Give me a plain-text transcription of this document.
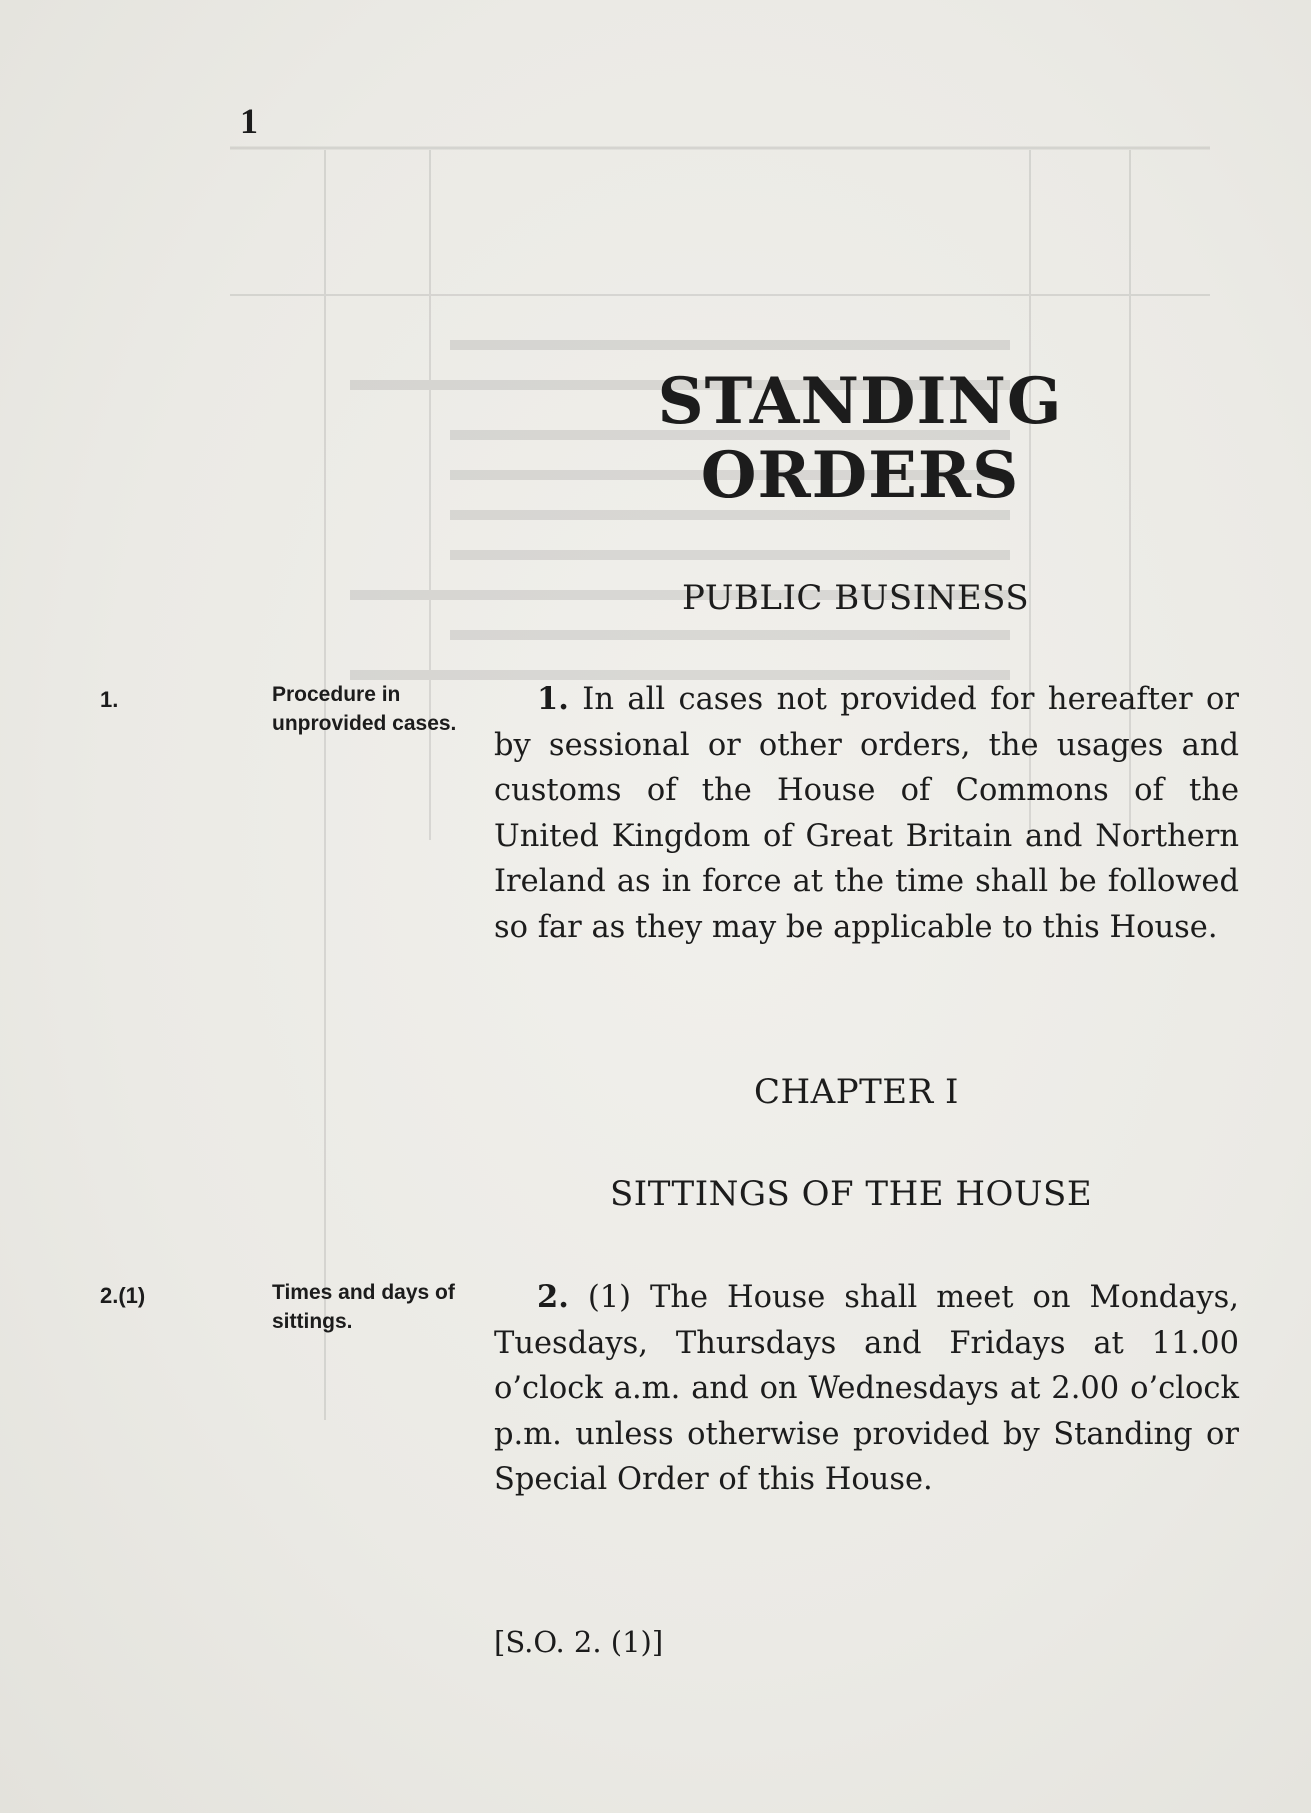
1
STANDING
ORDERS
PUBLIC BUSINESS
1.	Procedure in unprovided cases.
1. In all cases not provided for hereafter or by sessional or other orders, the usages and customs of the House of Commons of the United Kingdom of Great Britain and Northern Ireland as in force at the time shall be followed so far as they may be applicable to this House.
CHAPTER I
SITTINGS OF THE HOUSE
2.(1)	Times and days of sittings.
2. (1) The House shall meet on Mondays, Tuesdays, Thursdays and Fridays at 11.00 o’clock a.m. and on Wednesdays at 2.00 o’clock p.m. unless otherwise provided by Standing or Special Order of this House.
[S.O. 2. (1)]
